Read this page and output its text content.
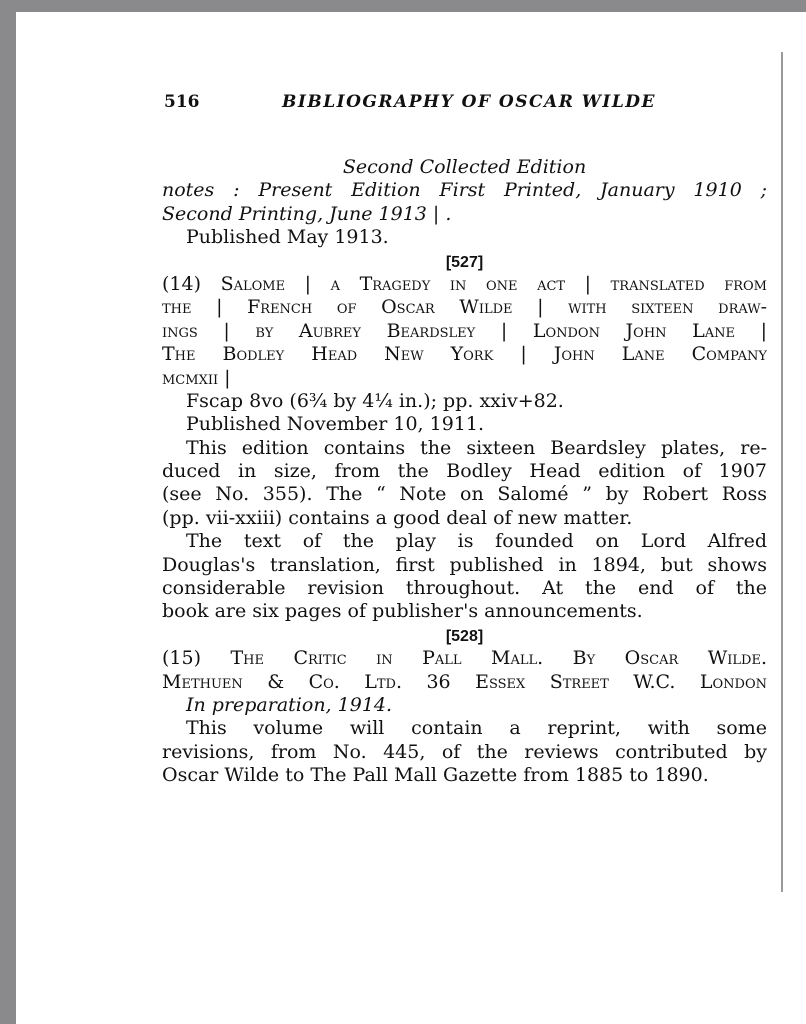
516	BIBLIOGRAPHY OF OSCAR WILDE
Second Collected Edition
notes : Present Edition First Printed, January 1910 ;
Second Printing, June 1913 | .
Published May 1913.
[527]
(14) Salome | a Tragedy in one act | translated from
the | French of Oscar Wilde | with sixteen draw-
ings | by Aubrey Beardsley | London John Lane |
The Bodley Head New York | John Lane Company
mcmxii |
Fscap 8vo (6¾ by 4¼ in.); pp. xxiv+82.
Published November 10, 1911.
This edition contains the sixteen Beardsley plates, re-
duced in size, from the Bodley Head edition of 1907
(see No. 355). The “ Note on Salomé ” by Robert Ross
(pp. vii-xxiii) contains a good deal of new matter.
The text of the play is founded on Lord Alfred
Douglas's translation, first published in 1894, but shows
considerable revision throughout. At the end of the
book are six pages of publisher's announcements.
[528]
(15) The Critic in Pall Mall. By Oscar Wilde.
Methuen & Co. Ltd. 36 Essex Street W.C. London
In preparation, 1914.
This volume will contain a reprint, with some
revisions, from No. 445, of the reviews contributed by
Oscar Wilde to The Pall Mall Gazette from 1885 to 1890.
